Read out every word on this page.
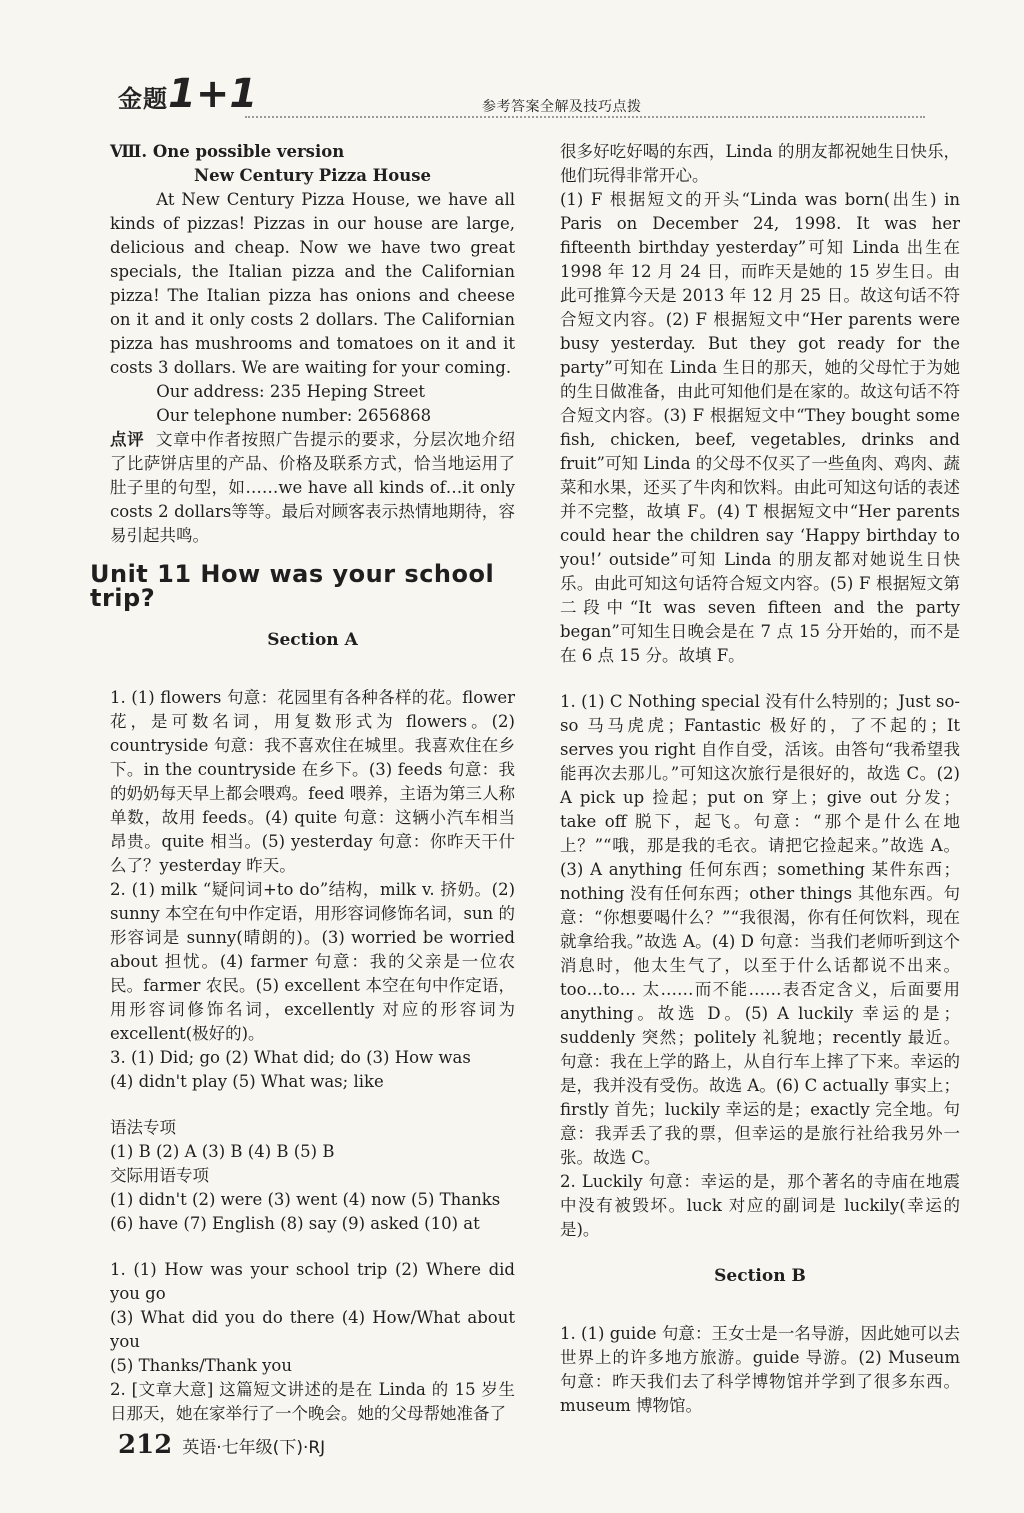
金题1+1	参考答案全解及技巧点拨

Ⅷ. One possible version

New Century Pizza House

At New Century Pizza House, we have all kinds of pizzas! Pizzas in our house are large, delicious and cheap. Now we have two great specials, the Italian pizza and the Californian pizza! The Italian pizza has onions and cheese on it and it only costs 2 dollars. The Californian pizza has mushrooms and tomatoes on it and it costs 3 dollars. We are waiting for your coming.

Our address: 235 Heping Street

Our telephone number: 2656868

点评 文章中作者按照广告提示的要求，分层次地介绍了比萨饼店里的产品、价格及联系方式，恰当地运用了肚子里的句型，如……we have all kinds of…it only costs 2 dollars等等。最后对顾客表示热情地期待，容易引起共鸣。

Unit 11 How was your school trip?
Section A

1. (1) flowers 句意：花园里有各种各样的花。flower 花，是可数名词，用复数形式为 flowers。(2) countryside 句意：我不喜欢住在城里。我喜欢住在乡下。in the countryside 在乡下。(3) feeds 句意：我的奶奶每天早上都会喂鸡。feed 喂养，主语为第三人称单数，故用 feeds。(4) quite 句意：这辆小汽车相当昂贵。quite 相当。(5) yesterday 句意：你昨天干什么了？yesterday 昨天。

2. (1) milk “疑问词+to do”结构，milk v. 挤奶。(2) sunny 本空在句中作定语，用形容词修饰名词，sun 的形容词是 sunny(晴朗的)。(3) worried be worried about 担忧。(4) farmer 句意：我的父亲是一位农民。farmer 农民。(5) excellent 本空在句中作定语，用形容词修饰名词，excellently 对应的形容词为 excellent(极好的)。

3. (1) Did; go (2) What did; do (3) How was

(4) didn't play (5) What was; like

语法专项

(1) B (2) A (3) B (4) B (5) B

交际用语专项

(1) didn't (2) were (3) went (4) now (5) Thanks

(6) have (7) English (8) say (9) asked (10) at

1. (1) How was your school trip (2) Where did you go

(3) What did you do there (4) How/What about you

(5) Thanks/Thank you

2. [文章大意] 这篇短文讲述的是在 Linda 的 15 岁生日那天，她在家举行了一个晚会。她的父母帮她准备了

很多好吃好喝的东西，Linda 的朋友都祝她生日快乐，他们玩得非常开心。

(1) F 根据短文的开头“Linda was born(出生) in Paris on December 24, 1998. It was her fifteenth birthday yesterday”可知 Linda 出生在 1998 年 12 月 24 日，而昨天是她的 15 岁生日。由此可推算今天是 2013 年 12 月 25 日。故这句话不符合短文内容。(2) F 根据短文中“Her parents were busy yesterday. But they got ready for the party”可知在 Linda 生日的那天，她的父母忙于为她的生日做准备，由此可知他们是在家的。故这句话不符合短文内容。(3) F 根据短文中“They bought some fish, chicken, beef, vegetables, drinks and fruit”可知 Linda 的父母不仅买了一些鱼肉、鸡肉、蔬菜和水果，还买了牛肉和饮料。由此可知这句话的表述并不完整，故填 F。(4) T 根据短文中“Her parents could hear the children say ‘Happy birthday to you!’ outside”可知 Linda 的朋友都对她说生日快乐。由此可知这句话符合短文内容。(5) F 根据短文第二段中“It was seven fifteen and the party began”可知生日晚会是在 7 点 15 分开始的，而不是在 6 点 15 分。故填 F。

1. (1) C Nothing special 没有什么特别的；Just so-so 马马虎虎；Fantastic 极好的，了不起的；It serves you right 自作自受，活该。由答句“我希望我能再次去那儿。”可知这次旅行是很好的，故选 C。(2) A pick up 捡起；put on 穿上；give out 分发；take off 脱下，起飞。句意：“那个是什么在地上？”“哦，那是我的毛衣。请把它捡起来。”故选 A。(3) A anything 任何东西；something 某件东西；nothing 没有任何东西；other things 其他东西。句意：“你想要喝什么？”“我很渴，你有任何饮料，现在就拿给我。”故选 A。(4) D 句意：当我们老师听到这个消息时，他太生气了，以至于什么话都说不出来。too…to… 太……而不能……表否定含义，后面要用 anything。故选 D。(5) A luckily 幸运的是；suddenly 突然；politely 礼貌地；recently 最近。句意：我在上学的路上，从自行车上摔了下来。幸运的是，我并没有受伤。故选 A。(6) C actually 事实上；firstly 首先；luckily 幸运的是；exactly 完全地。句意：我弄丢了我的票，但幸运的是旅行社给我另外一张。故选 C。

2. Luckily 句意：幸运的是，那个著名的寺庙在地震中没有被毁坏。luck 对应的副词是 luckily(幸运的是)。

Section B

1. (1) guide 句意：王女士是一名导游，因此她可以去世界上的许多地方旅游。guide 导游。(2) Museum 句意：昨天我们去了科学博物馆并学到了很多东西。museum 博物馆。

212 英语·七年级(下)·RJ
